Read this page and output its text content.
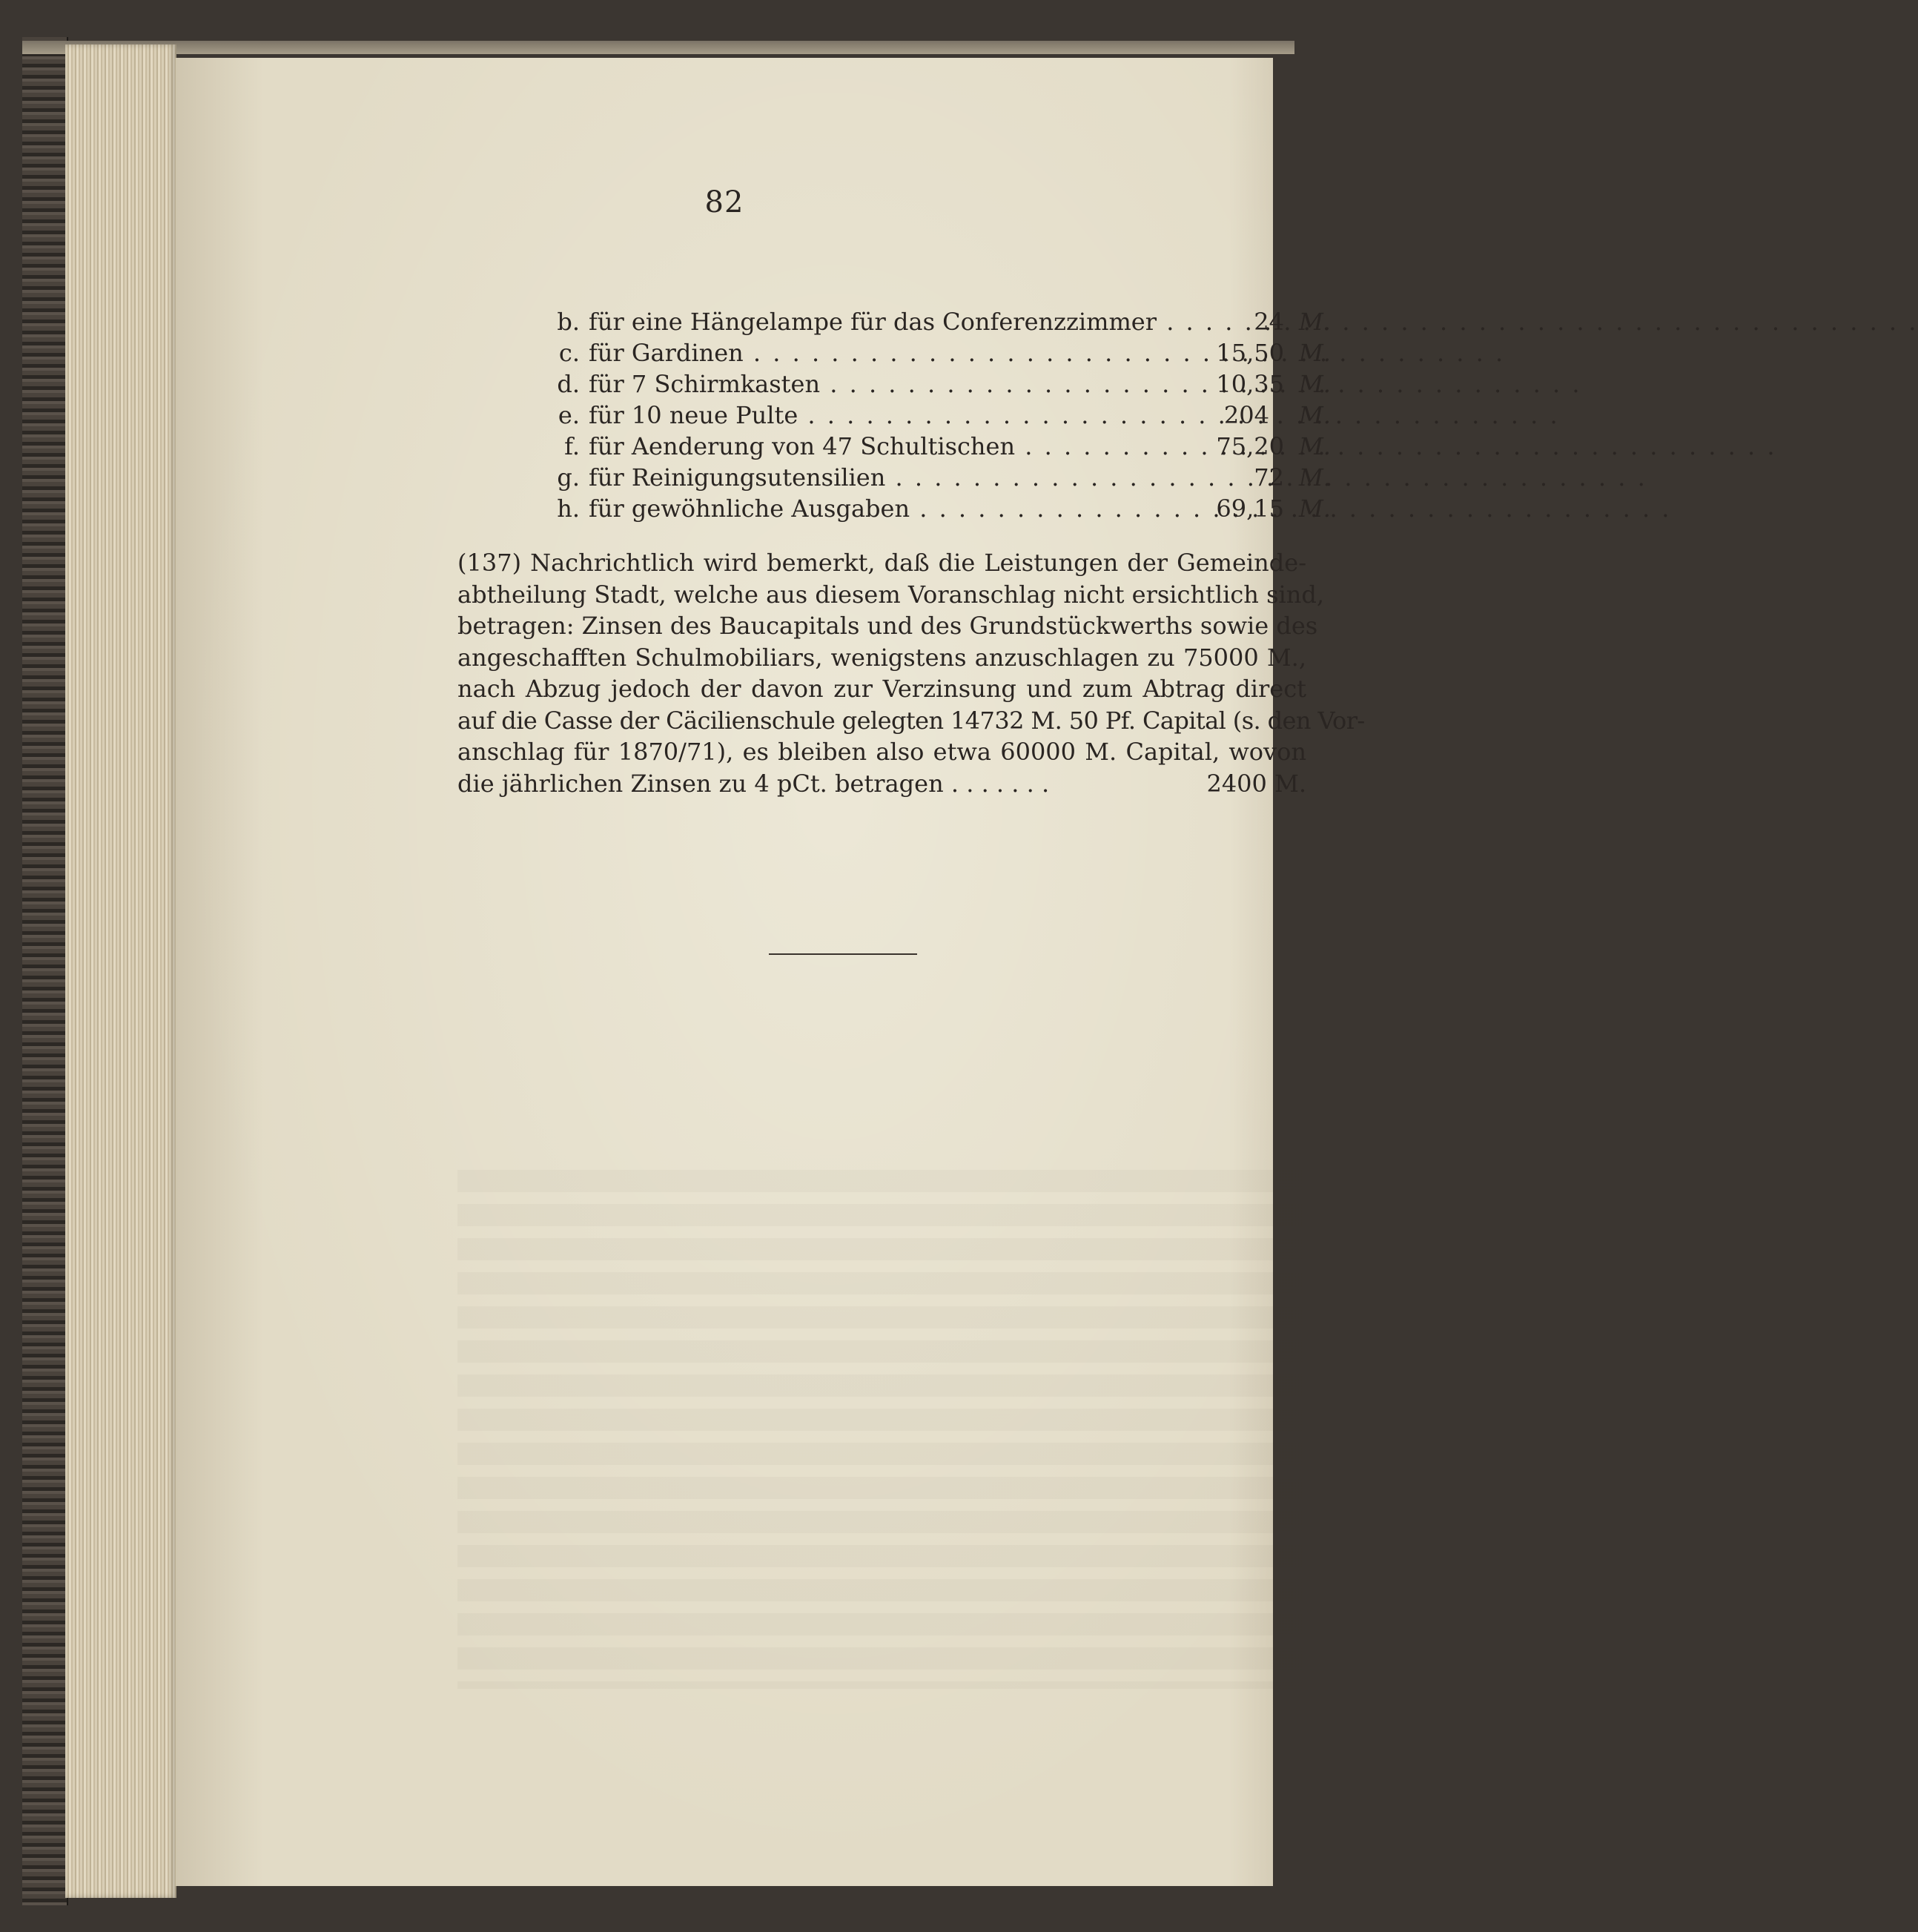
82
b. für eine Hängelampe für das Conferenzzimmer . . .	24 M.
c. für Gardinen . . .	15,50 M.
d. für 7 Schirmkasten . . .	10,35 M.
e. für 10 neue Pulte . . .	204 M.
f. für Aenderung von 47 Schultischen . . .	75,20 M.
g. für Reinigungsutensilien . . .	72 M.
h. für gewöhnliche Ausgaben . . .	69,15 M.
(137) Nachrichtlich wird bemerkt, daß die Leistungen der Gemeinde-
abtheilung Stadt, welche aus diesem Voranschlag nicht ersichtlich sind,
betragen: Zinsen des Baucapitals und des Grundstückwerths sowie des
angeschafften Schulmobiliars, wenigstens anzuschlagen zu 75000 M.,
nach Abzug jedoch der davon zur Verzinsung und zum Abtrag direct
auf die Casse der Cäcilienschule gelegten 14732 M. 50 Pf. Capital (s. den Vor-
anschlag für 1870/71), es bleiben also etwa 60000 M. Capital, wovon
die jährlichen Zinsen zu 4 pCt. betragen . . . . . . .	2400 M.
